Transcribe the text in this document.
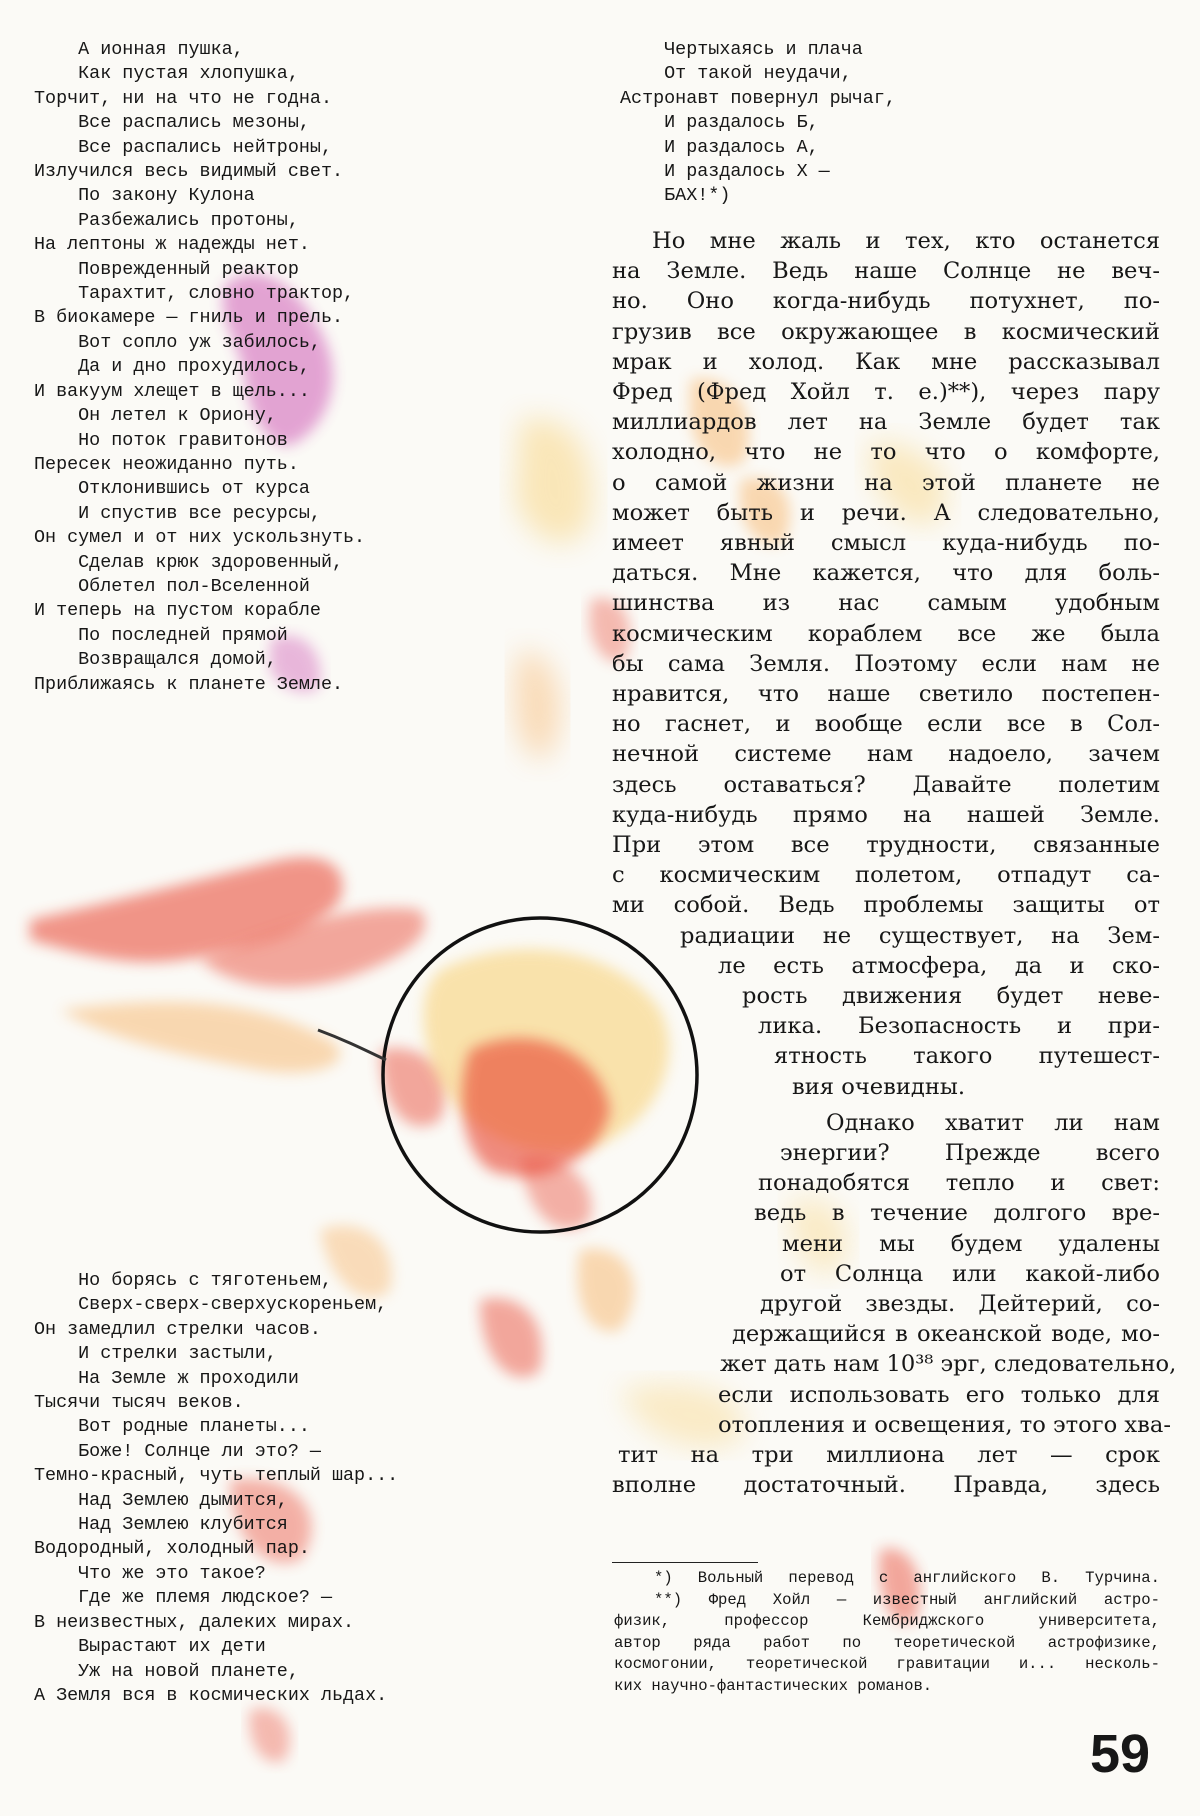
А ионная пушка,
Как пустая хлопушка,
Торчит, ни на что не годна.
Все распались мезоны,
Все распались нейтроны,
Излучился весь видимый свет.
По закону Кулона
Разбежались протоны,
На лептоны ж надежды нет.
Поврежденный реактор
Тарахтит, словно трактор,
В биокамере — гниль и прель.
Вот сопло уж забилось,
Да и дно прохудилось,
И вакуум хлещет в щель...
Он летел к Ориону,
Но поток гравитонов
Пересек неожиданно путь.
Отклонившись от курса
И спустив все ресурсы,
Он сумел и от них ускользнуть.
Сделав крюк здоровенный,
Облетел пол-Вселенной
И теперь на пустом корабле
По последней прямой
Возвращался домой,
Приближаясь к планете Земле.
Чертыхаясь и плача
От такой неудачи,
Астронавт повернул рычаг,
И раздалось Б,
И раздалось А,
И раздалось Х —
БАХ!*)
Но борясь с тяготеньем,
Сверх-сверх-сверхускореньем,
Он замедлил стрелки часов.
И стрелки застыли,
На Земле ж проходили
Тысячи тысяч веков.
Вот родные планеты...
Боже! Солнце ли это? —
Темно-красный, чуть теплый шар...
Над Землею дымится,
Над Землею клубится
Водородный, холодный пар.
Что же это такое?
Где же племя людское? —
В неизвестных, далеких мирах.
Вырастают их дети
Уж на новой планете,
А Земля вся в космических льдах.
Но мне жаль и тех, кто останется
на Земле. Ведь наше Солнце не веч-
но. Оно когда-нибудь потухнет, по-
грузив все окружающее в космический
мрак и холод. Как мне рассказывал
Фред (Фред Хойл т. е.)**), через пару
миллиардов лет на Земле будет так
холодно, что не то что о комфорте,
о самой жизни на этой планете не
может быть и речи. А следовательно,
имеет явный смысл куда-нибудь по-
даться. Мне кажется, что для боль-
шинства из нас самым удобным
космическим кораблем все же была
бы сама Земля. Поэтому если нам не
нравится, что наше светило постепен-
но гаснет, и вообще если все в Сол-
нечной системе нам надоело, зачем
здесь оставаться? Давайте полетим
куда-нибудь прямо на нашей Земле.
При этом все трудности, связанные
с космическим полетом, отпадут са-
ми собой. Ведь проблемы защиты от
радиации не существует, на Зем-
ле есть атмосфера, да и ско-
рость движения будет неве-
лика. Безопасность и при-
ятность такого путешест-
вия очевидны.
Однако хватит ли нам
энергии? Прежде всего
понадобятся тепло и свет:
ведь в течение долгого вре-
мени мы будем удалены
от Солнца или какой-либо
другой звезды. Дейтерий, со-
держащийся в океанской воде, мо-
жет дать нам 10³⁸ эрг, следовательно,
если использовать его только для
отопления и освещения, то этого хва-
тит на три миллиона лет — срок
вполне достаточный. Правда, здесь
*) Вольный перевод с английского В. Турчина.
**) Фред Хойл — известный английский астро-
физик, профессор Кембриджского университета,
автор ряда работ по теоретической астрофизике,
космогонии, теоретической гравитации и... несколь-
ких научно-фантастических романов.
59
